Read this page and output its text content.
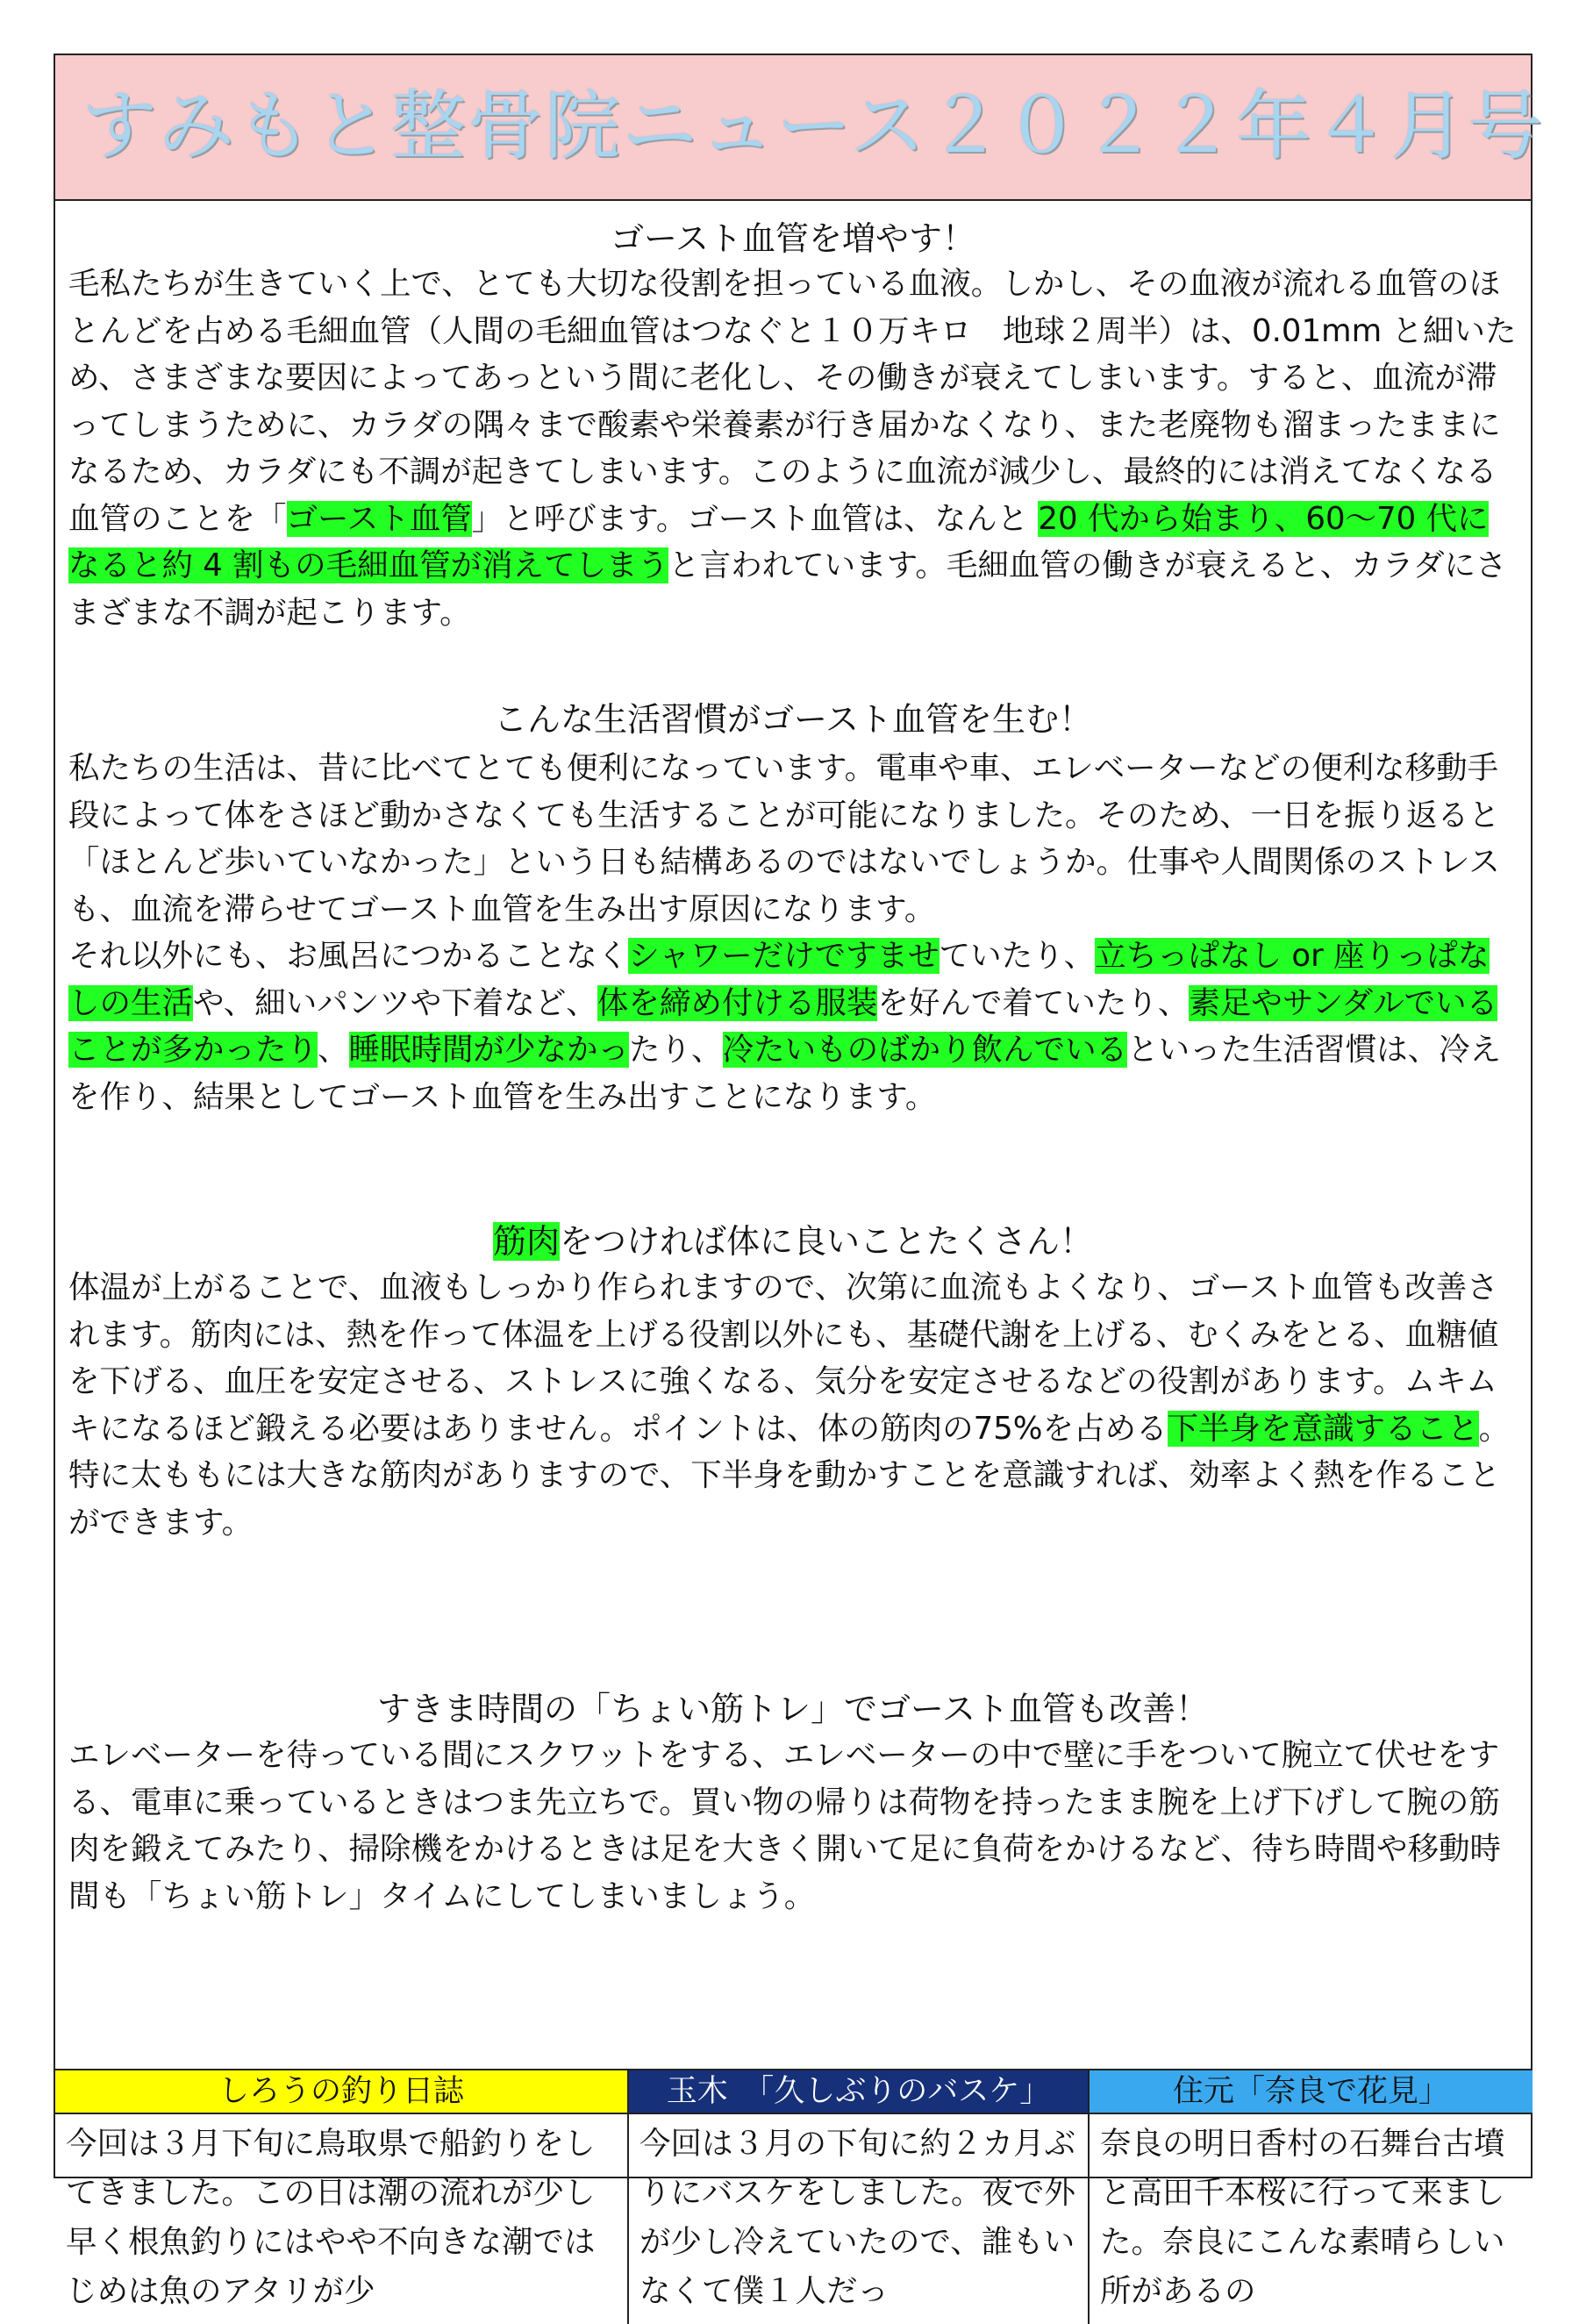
すみもと整骨院ニュース２０２２年４月号
ゴースト血管を増やす！
毛私たちが生きていく上で、とても大切な役割を担っている血液。しかし、その血液が流れる血管のほとんどを占める毛細血管（人間の毛細血管はつなぐと１０万キロ　地球２周半）は、0.01mm と細いため、さまざまな要因によってあっという間に老化し、その働きが衰えてしまいます。すると、血流が滞ってしまうために、カラダの隅々まで酸素や栄養素が行き届かなくなり、また老廃物も溜まったままになるため、カラダにも不調が起きてしまいます。このように血流が減少し、最終的には消えてなくなる血管のことを「ゴースト血管」と呼びます。ゴースト血管は、なんと 20 代から始まり、60～70 代になると約 4 割もの毛細血管が消えてしまうと言われています。毛細血管の働きが衰えると、カラダにさまざまな不調が起こります。
こんな生活習慣がゴースト血管を生む！
私たちの生活は、昔に比べてとても便利になっています。電車や車、エレベーターなどの便利な移動手段によって体をさほど動かさなくても生活することが可能になりました。そのため、一日を振り返ると「ほとんど歩いていなかった」という日も結構あるのではないでしょうか。仕事や人間関係のストレスも、血流を滞らせてゴースト血管を生み出す原因になります。
それ以外にも、お風呂につかることなくシャワーだけですませていたり、立ちっぱなし or 座りっぱなしの生活や、細いパンツや下着など、体を締め付ける服装を好んで着ていたり、素足やサンダルでいることが多かったり、睡眠時間が少なかったり、冷たいものばかり飲んでいるといった生活習慣は、冷えを作り、結果としてゴースト血管を生み出すことになります。
筋肉をつければ体に良いことたくさん！
体温が上がることで、血液もしっかり作られますので、次第に血流もよくなり、ゴースト血管も改善されます。筋肉には、熱を作って体温を上げる役割以外にも、基礎代謝を上げる、むくみをとる、血糖値を下げる、血圧を安定させる、ストレスに強くなる、気分を安定させるなどの役割があります。ムキムキになるほど鍛える必要はありません。ポイントは、体の筋肉の75%を占める下半身を意識すること。特に太ももには大きな筋肉がありますので、下半身を動かすことを意識すれば、効率よく熱を作ることができます。
すきま時間の「ちょい筋トレ」でゴースト血管も改善！
エレベーターを待っている間にスクワットをする、エレベーターの中で壁に手をついて腕立て伏せをする、電車に乗っているときはつま先立ちで。買い物の帰りは荷物を持ったまま腕を上げ下げして腕の筋肉を鍛えてみたり、掃除機をかけるときは足を大きく開いて足に負荷をかけるなど、待ち時間や移動時間も「ちょい筋トレ」タイムにしてしまいましょう。
しろうの釣り日誌
今回は３月下旬に鳥取県で船釣りをしてきました。この日は潮の流れが少し早く根魚釣りにはやや不向きな潮ではじめは魚のアタリが少
玉木　「久しぶりのバスケ」
今回は３月の下旬に約２カ月ぶりにバスケをしました。夜で外が少し冷えていたので、誰もいなくて僕１人だっ
住元「奈良で花見」
奈良の明日香村の石舞台古墳と高田千本桜に行って来ました。奈良にこんな素晴らしい所があるの
